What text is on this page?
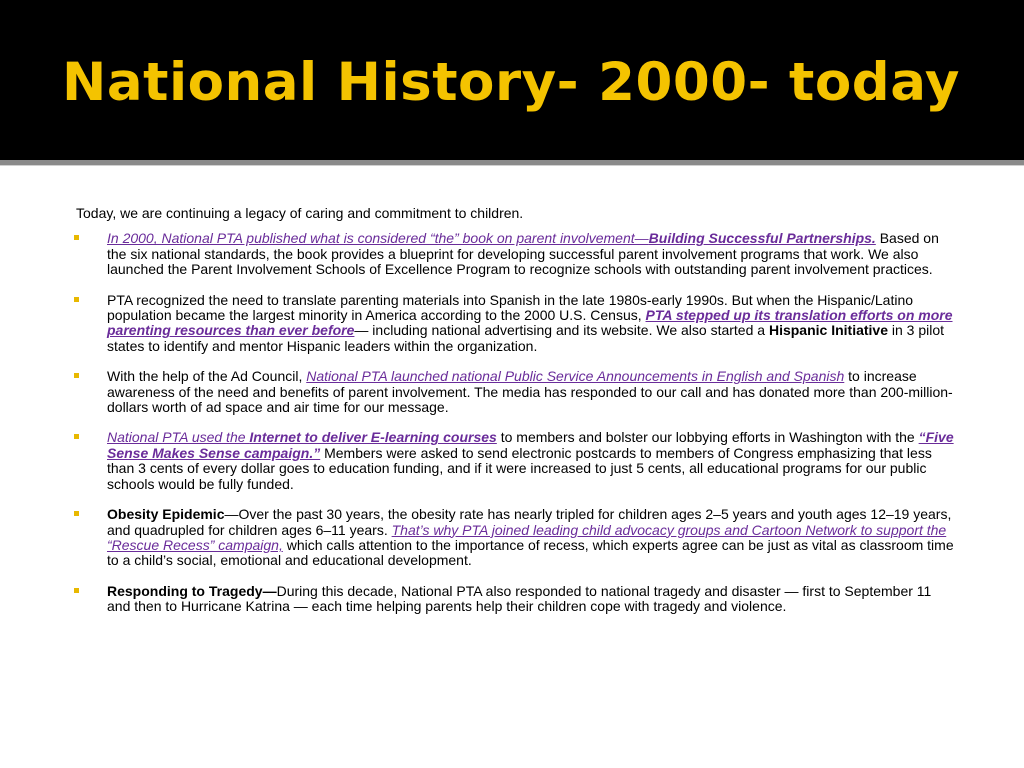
National History- 2000- today

Today, we are continuing a legacy of caring and commitment to children.

In 2000, National PTA published what is considered “the” book on parent involvement—Building Successful Partnerships. Based on the six national standards, the book provides a blueprint for developing successful parent involvement programs that work. We also launched the Parent Involvement Schools of Excellence Program to recognize schools with outstanding parent involvement practices.
PTA recognized the need to translate parenting materials into Spanish in the late 1980s-early 1990s. But when the Hispanic/Latino population became the largest minority in America according to the 2000 U.S. Census, PTA stepped up its translation efforts on more parenting resources than ever before— including national advertising and its website. We also started a Hispanic Initiative in 3 pilot states to identify and mentor Hispanic leaders within the organization.
With the help of the Ad Council, National PTA launched national Public Service Announcements in English and Spanish to increase awareness of the need and benefits of parent involvement. The media has responded to our call and has donated more than 200-million-dollars worth of ad space and air time for our message.
National PTA used the Internet to deliver E-learning courses to members and bolster our lobbying efforts in Washington with the “Five Sense Makes Sense campaign.” Members were asked to send electronic postcards to members of Congress emphasizing that less than 3 cents of every dollar goes to education funding, and if it were increased to just 5 cents, all educational programs for our public schools would be fully funded.
Obesity Epidemic—Over the past 30 years, the obesity rate has nearly tripled for children ages 2–5 years and youth ages 12–19 years, and quadrupled for children ages 6–11 years. That’s why PTA joined leading child advocacy groups and Cartoon Network to support the “Rescue Recess” campaign, which calls attention to the importance of recess, which experts agree can be just as vital as classroom time to a child’s social, emotional and educational development.
Responding to Tragedy—During this decade, National PTA also responded to national tragedy and disaster — first to September 11 and then to Hurricane Katrina — each time helping parents help their children cope with tragedy and violence.
